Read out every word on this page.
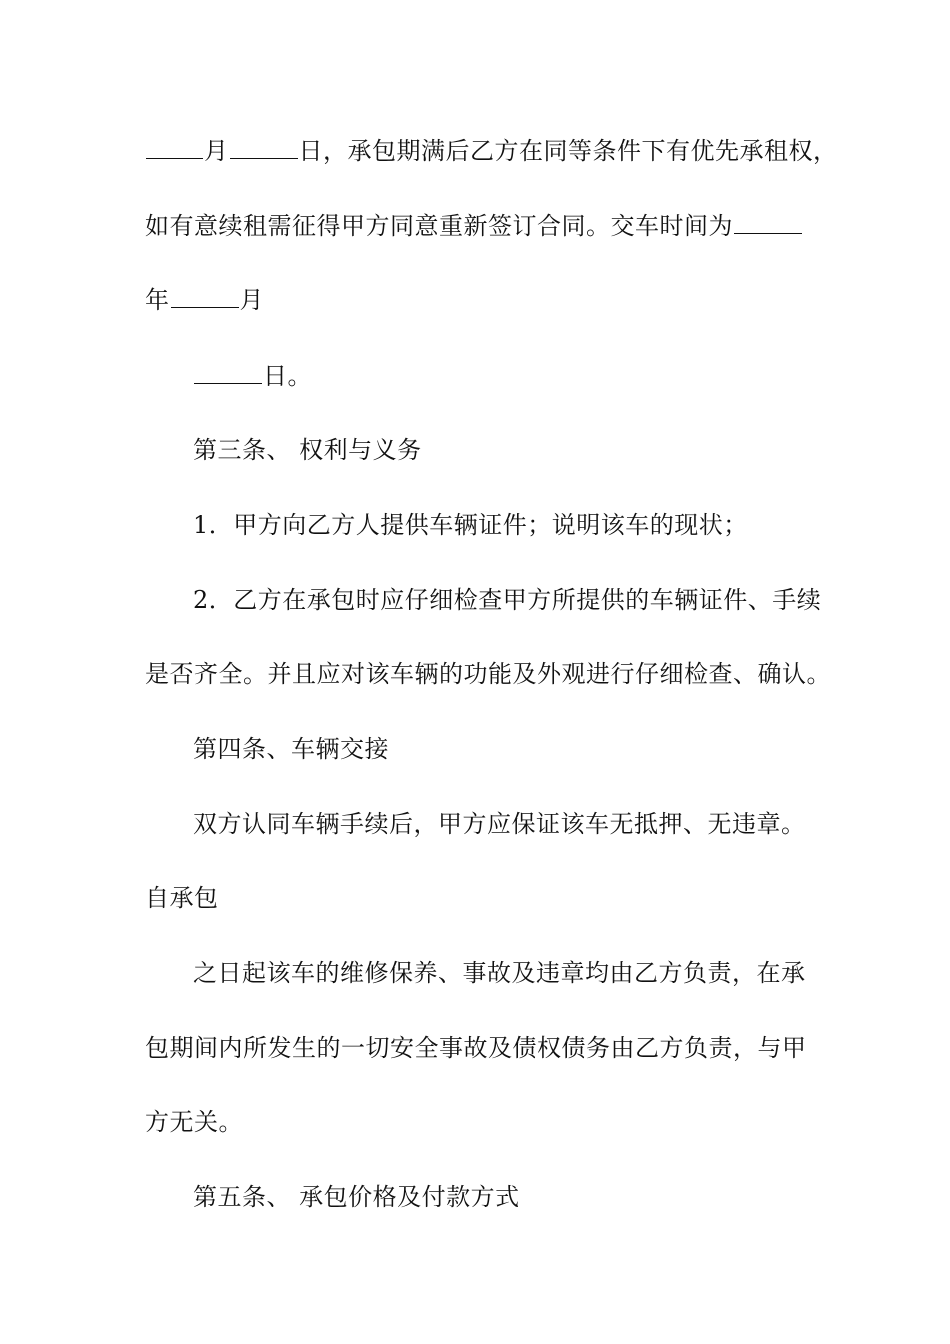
月	日，承包期满后乙方在同等条件下有优先承租权，
如有意续租需征得甲方同意重新签订合同。交车时间为
年	月
日。
第三条、 权利与义务
1．甲方向乙方人提供车辆证件；说明该车的现状；
2．乙方在承包时应仔细检查甲方所提供的车辆证件、手续
是否齐全。并且应对该车辆的功能及外观进行仔细检查、确认。
第四条、车辆交接
双方认同车辆手续后，甲方应保证该车无抵押、无违章。
自承包
之日起该车的维修保养、事故及违章均由乙方负责，在承
包期间内所发生的一切安全事故及债权债务由乙方负责，与甲
方无关。
第五条、 承包价格及付款方式
